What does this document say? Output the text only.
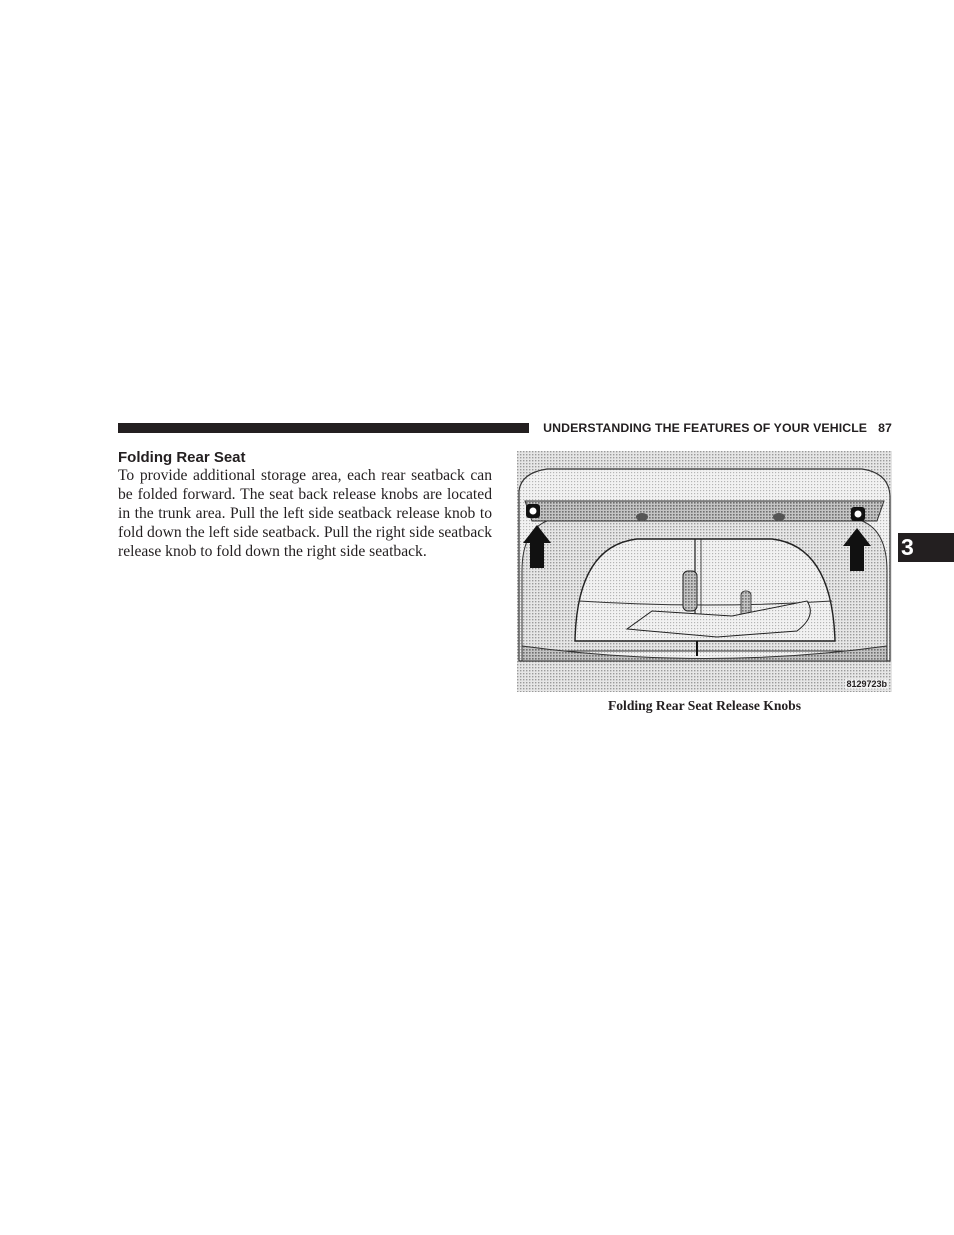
UNDERSTANDING THE FEATURES OF YOUR VEHICLE 87
Folding Rear Seat

To provide additional storage area, each rear seatback can be folded forward. The seat back release knobs are located in the trunk area. Pull the left side seatback release knob to fold down the left side seatback. Pull the right side seatback release knob to fold down the right side seatback.

8129723b
Folding Rear Seat Release Knobs
3
